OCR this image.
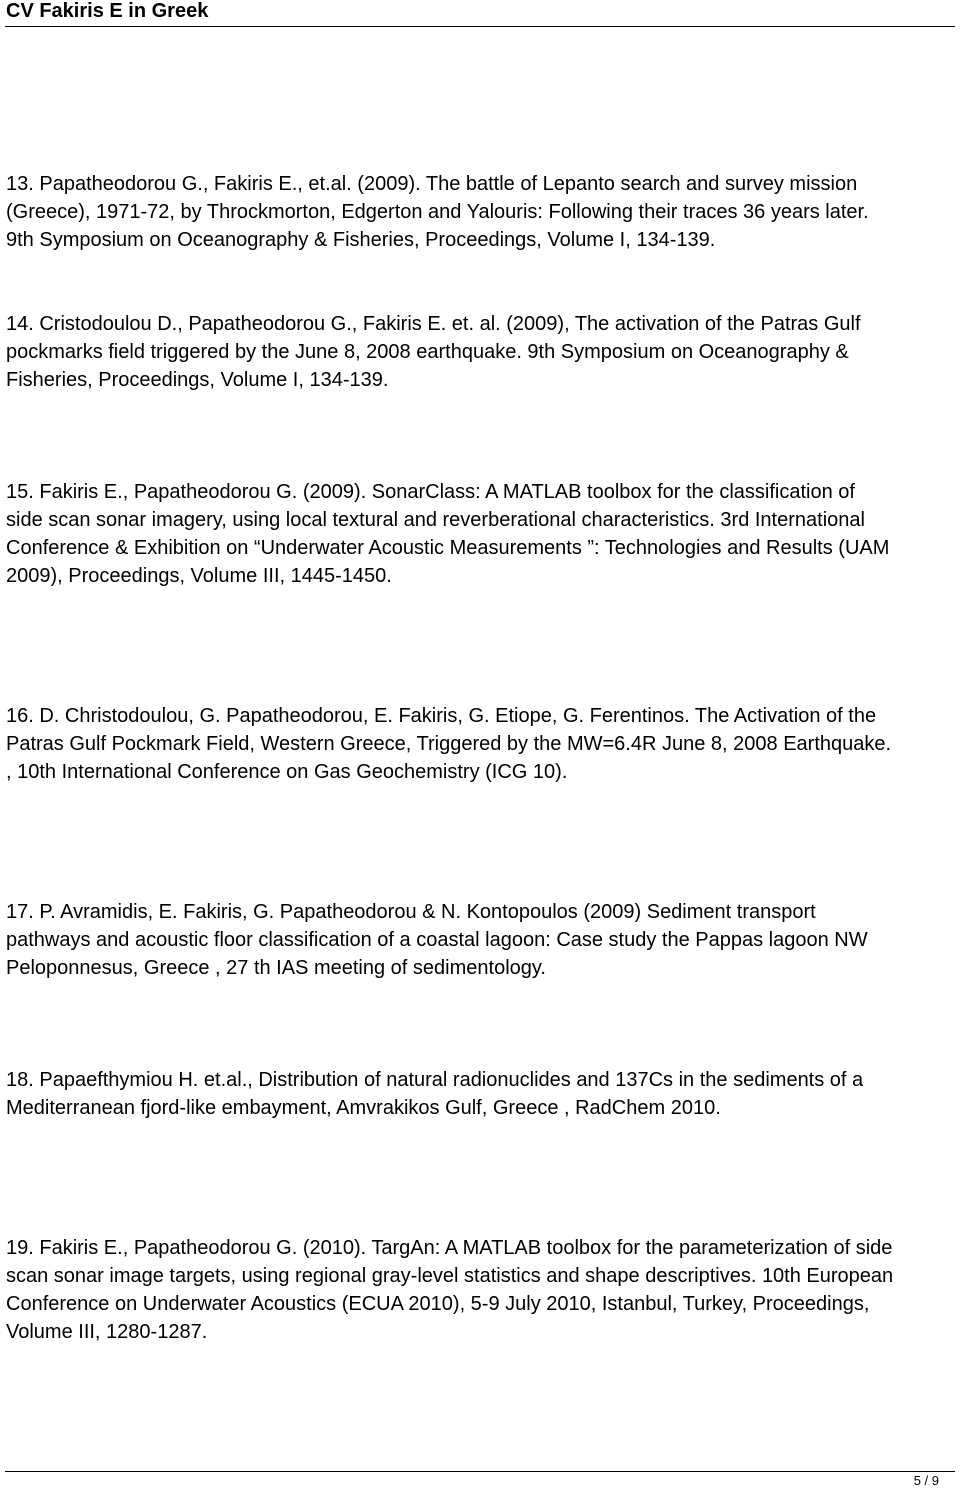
CV Fakiris E in Greek

13. Papatheodorou G., Fakiris E., et.al. (2009). The battle of Lepanto search and survey mission (Greece), 1971-72, by Throckmorton, Edgerton and Yalouris: Following their traces 36 years later. 9th Symposium on Oceanography & Fisheries, Proceedings, Volume I, 134-139.

14. Cristodoulou D., Papatheodorou G., Fakiris E. et. al. (2009), The activation of the Patras Gulf pockmarks field triggered by the June 8, 2008 earthquake. 9th Symposium on Oceanography & Fisheries, Proceedings, Volume I, 134-139.

15. Fakiris E., Papatheodorou G. (2009). SonarClass: A MATLAB toolbox for the classification of side scan sonar imagery, using local textural and reverberational characteristics. 3rd International Conference & Exhibition on “Underwater Acoustic Measurements ”: Technologies and Results (UAM 2009), Proceedings, Volume III, 1445-1450.

16. D. Christodoulou, G. Papatheodorou, E. Fakiris, G. Etiope, G. Ferentinos. The Activation of the Patras Gulf Pockmark Field, Western Greece, Triggered by the MW=6.4R June 8, 2008 Earthquake. , 10th International Conference on Gas Geochemistry (ICG 10).

17. P. Avramidis, E. Fakiris, G. Papatheodorou & N. Kontopoulos (2009) Sediment transport pathways and acoustic floor classification of a coastal lagoon: Case study the Pappas lagoon NW Peloponnesus, Greece , 27 th IAS meeting of sedimentology.

18. Papaefthymiou H. et.al., Distribution of natural radionuclides and 137Cs in the sediments of a Mediterranean fjord-like embayment, Amvrakikos Gulf, Greece , RadChem 2010.

19. Fakiris E., Papatheodorou G. (2010). TargAn: A MATLAB toolbox for the parameterization of side scan sonar image targets, using regional gray-level statistics and shape descriptives. 10th European Conference on Underwater Acoustics (ECUA 2010), 5-9 July 2010, Istanbul, Turkey, Proceedings, Volume III, 1280-1287.

5 / 9
